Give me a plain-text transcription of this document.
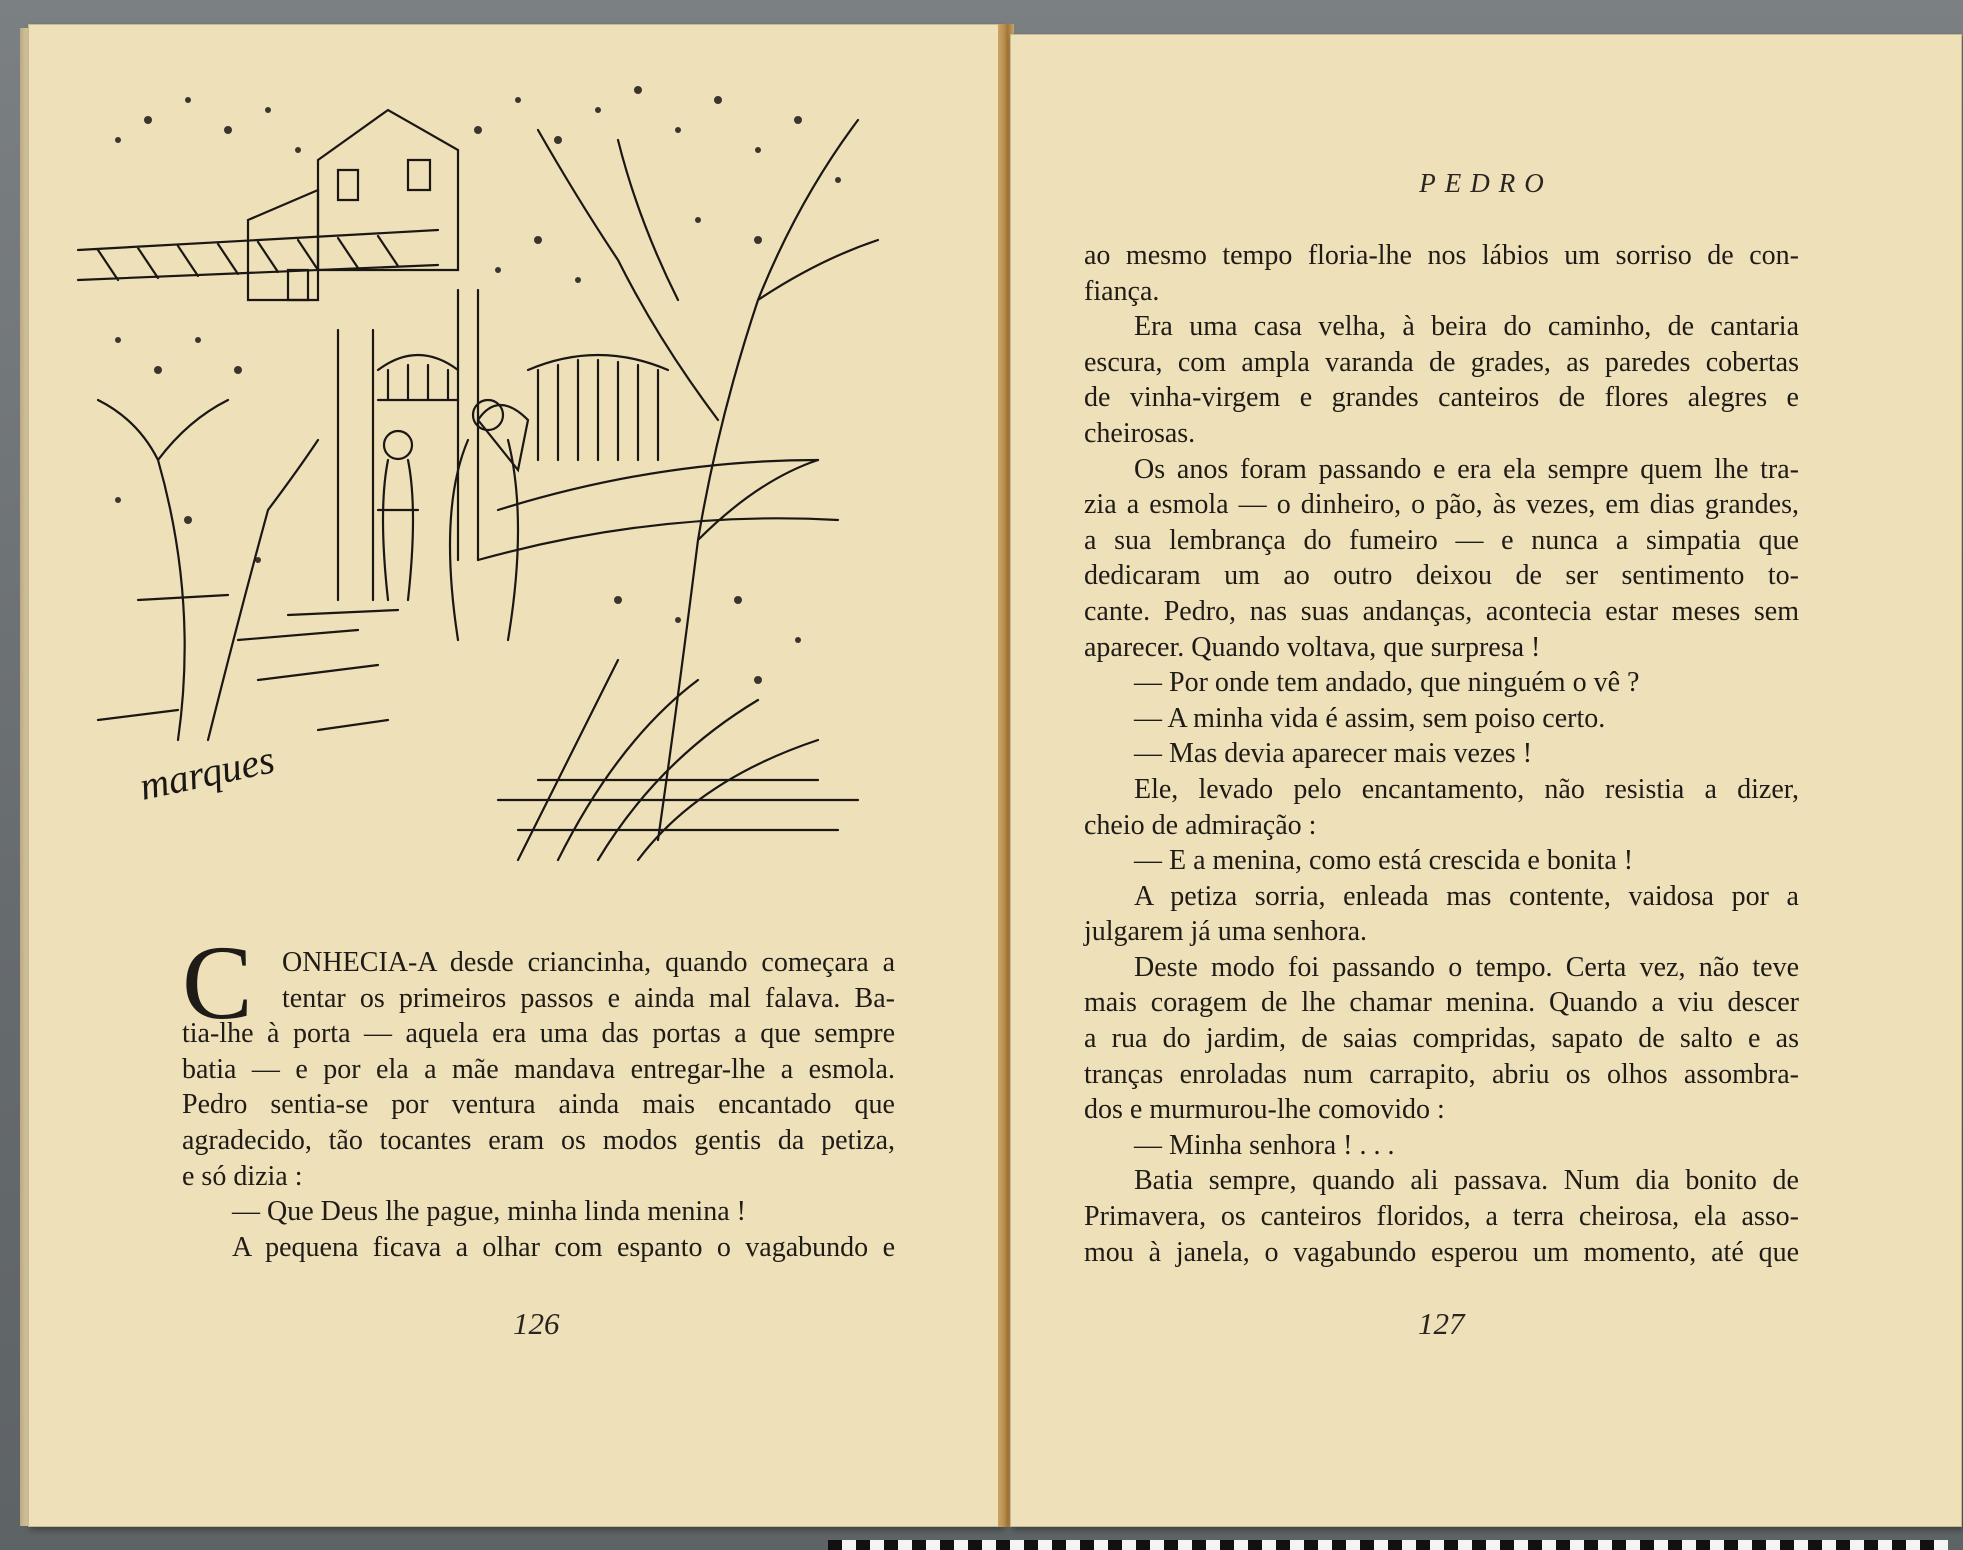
marques
C	ONHECIA-A desde criancinha, quando começara a
tentar os primeiros passos e ainda mal falava. Ba-
tia-lhe à porta — aquela era uma das portas a que sempre
batia — e por ela a mãe mandava entregar-lhe a esmola.
Pedro sentia-se por ventura ainda mais encantado que
agradecido, tão tocantes eram os modos gentis da petiza,
e só dizia :
— Que Deus lhe pague, minha linda menina !
A pequena ficava a olhar com espanto o vagabundo e
126
PEDRO
ao mesmo tempo floria-lhe nos lábios um sorriso de con-
fiança.
Era uma casa velha, à beira do caminho, de cantaria
escura, com ampla varanda de grades, as paredes cobertas
de vinha-virgem e grandes canteiros de flores alegres e
cheirosas.
Os anos foram passando e era ela sempre quem lhe tra-
zia a esmola — o dinheiro, o pão, às vezes, em dias grandes,
a sua lembrança do fumeiro — e nunca a simpatia que
dedicaram um ao outro deixou de ser sentimento to-
cante. Pedro, nas suas andanças, acontecia estar meses sem
aparecer. Quando voltava, que surpresa !
— Por onde tem andado, que ninguém o vê ?
— A minha vida é assim, sem poiso certo.
— Mas devia aparecer mais vezes !
Ele, levado pelo encantamento, não resistia a dizer,
cheio de admiração :
— E a menina, como está crescida e bonita !
A petiza sorria, enleada mas contente, vaidosa por a
julgarem já uma senhora.
Deste modo foi passando o tempo. Certa vez, não teve
mais coragem de lhe chamar menina. Quando a viu descer
a rua do jardim, de saias compridas, sapato de salto e as
tranças enroladas num carrapito, abriu os olhos assombra-
dos e murmurou-lhe comovido :
— Minha senhora ! . . .
Batia sempre, quando ali passava. Num dia bonito de
Primavera, os canteiros floridos, a terra cheirosa, ela asso-
mou à janela, o vagabundo esperou um momento, até que
127
